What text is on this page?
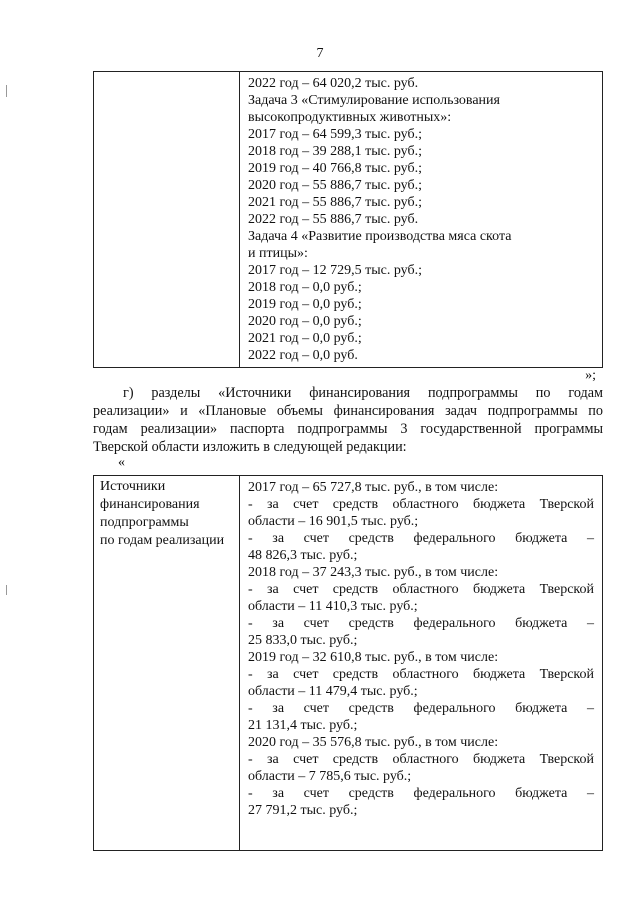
7
2022 год – 64 020,2 тыс. руб.
Задача 3 «Стимулирование использования
высокопродуктивных животных»:
2017 год – 64 599,3 тыс. руб.;
2018 год – 39 288,1 тыс. руб.;
2019 год – 40 766,8 тыс. руб.;
2020 год – 55 886,7 тыс. руб.;
2021 год – 55 886,7 тыс. руб.;
2022 год – 55 886,7 тыс. руб.
Задача 4 «Развитие производства мяса скота
и птицы»:
2017 год – 12 729,5 тыс. руб.;
2018 год – 0,0 руб.;
2019 год – 0,0 руб.;
2020 год – 0,0 руб.;
2021 год – 0,0 руб.;
2022 год – 0,0 руб.
»;
г) разделы «Источники финансирования подпрограммы по годам
реализации» и «Плановые объемы финансирования задач подпрограммы по
годам реализации» паспорта подпрограммы 3 государственной программы
Тверской области изложить в следующей редакции:
«
Источники
финансирования
подпрограммы
по годам реализации
2017 год – 65 727,8 тыс. руб., в том числе:
- за счет средств областного бюджета Тверской
области – 16 901,5 тыс. руб.;
- за счет средств федерального бюджета –
48 826,3 тыс. руб.;
2018 год – 37 243,3 тыс. руб., в том числе:
- за счет средств областного бюджета Тверской
области – 11 410,3 тыс. руб.;
- за счет средств федерального бюджета –
25 833,0 тыс. руб.;
2019 год – 32 610,8 тыс. руб., в том числе:
- за счет средств областного бюджета Тверской
области – 11 479,4 тыс. руб.;
- за счет средств федерального бюджета –
21 131,4 тыс. руб.;
2020 год – 35 576,8 тыс. руб., в том числе:
- за счет средств областного бюджета Тверской
области – 7 785,6 тыс. руб.;
- за счет средств федерального бюджета –
27 791,2 тыс. руб.;
